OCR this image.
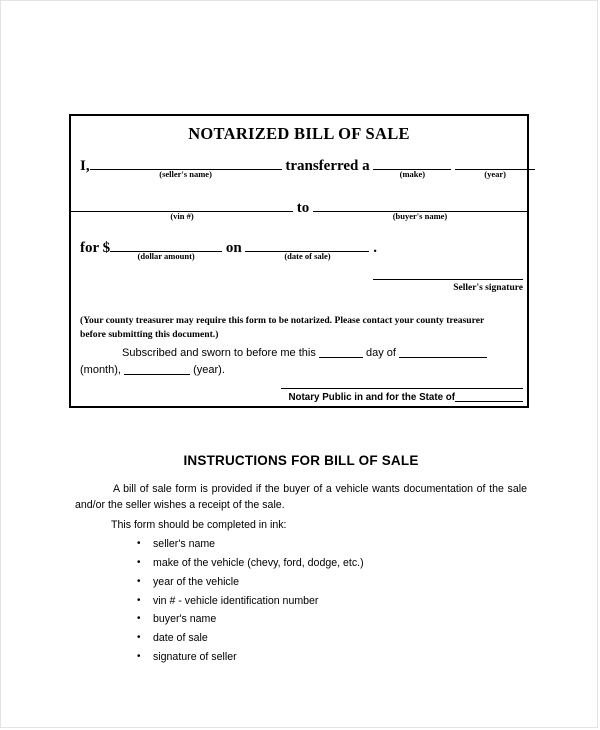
NOTARIZED BILL OF SALE
I,	(seller's name)	transferred a	(make)
	(year)
(vin #)	to	(buyer's name)
for $	(dollar amount)	on	(date of sale)	.
Seller's signature
(Your county treasurer may require this form to be notarized. Please contact your county treasurer before submitting this document.)
Subscribed and sworn to before me this	day of  (month),	(year).
Notary Public in and for the State of
INSTRUCTIONS FOR BILL OF SALE
A bill of sale form is provided if the buyer of a vehicle wants documentation of the sale and/or the seller wishes a receipt of the sale.
This form should be completed in ink:
• seller's name
• make of the vehicle (chevy, ford, dodge, etc.)
• year of the vehicle
• vin # - vehicle identification number
• buyer's name
• date of sale
• signature of seller
